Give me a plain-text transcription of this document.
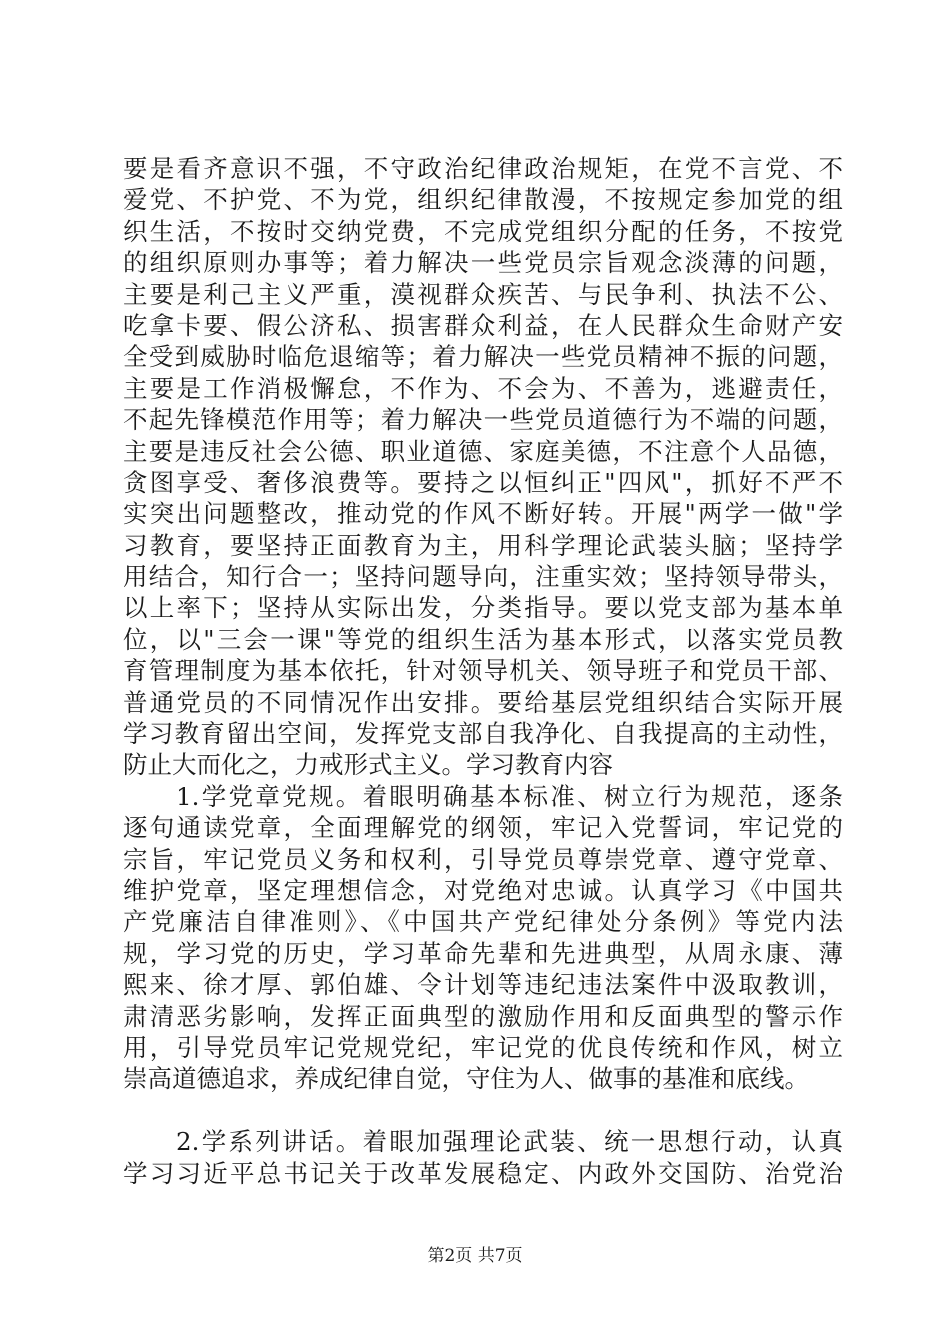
要是看齐意识不强，不守政治纪律政治规矩，在党不言党、不
爱党、不护党、不为党，组织纪律散漫，不按规定参加党的组
织生活，不按时交纳党费，不完成党组织分配的任务，不按党
的组织原则办事等；着力解决一些党员宗旨观念淡薄的问题，
主要是利己主义严重，漠视群众疾苦、与民争利、执法不公、
吃拿卡要、假公济私、损害群众利益，在人民群众生命财产安
全受到威胁时临危退缩等；着力解决一些党员精神不振的问题，
主要是工作消极懈怠，不作为、不会为、不善为，逃避责任，
不起先锋模范作用等；着力解决一些党员道德行为不端的问题，
主要是违反社会公德、职业道德、家庭美德，不注意个人品德，
贪图享受、奢侈浪费等。要持之以恒纠正"四风"，抓好不严不
实突出问题整改，推动党的作风不断好转。开展"两学一做"学
习教育，要坚持正面教育为主，用科学理论武装头脑；坚持学
用结合，知行合一；坚持问题导向，注重实效；坚持领导带头，
以上率下；坚持从实际出发，分类指导。要以党支部为基本单
位，以"三会一课"等党的组织生活为基本形式，以落实党员教
育管理制度为基本依托，针对领导机关、领导班子和党员干部、
普通党员的不同情况作出安排。要给基层党组织结合实际开展
学习教育留出空间，发挥党支部自我净化、自我提高的主动性，
防止大而化之，力戒形式主义。学习教育内容
1.学党章党规。着眼明确基本标准、树立行为规范，逐条
逐句通读党章，全面理解党的纲领，牢记入党誓词，牢记党的
宗旨，牢记党员义务和权利，引导党员尊崇党章、遵守党章、
维护党章，坚定理想信念，对党绝对忠诚。认真学习《中国共
产党廉洁自律准则》、《中国共产党纪律处分条例》等党内法
规，学习党的历史，学习革命先辈和先进典型，从周永康、薄
熙来、徐才厚、郭伯雄、令计划等违纪违法案件中汲取教训，
肃清恶劣影响，发挥正面典型的激励作用和反面典型的警示作
用，引导党员牢记党规党纪，牢记党的优良传统和作风，树立
崇高道德追求，养成纪律自觉，守住为人、做事的基准和底线。
2.学系列讲话。着眼加强理论武装、统一思想行动，认真
学习习近平总书记关于改革发展稳定、内政外交国防、治党治
第2页 共7页
